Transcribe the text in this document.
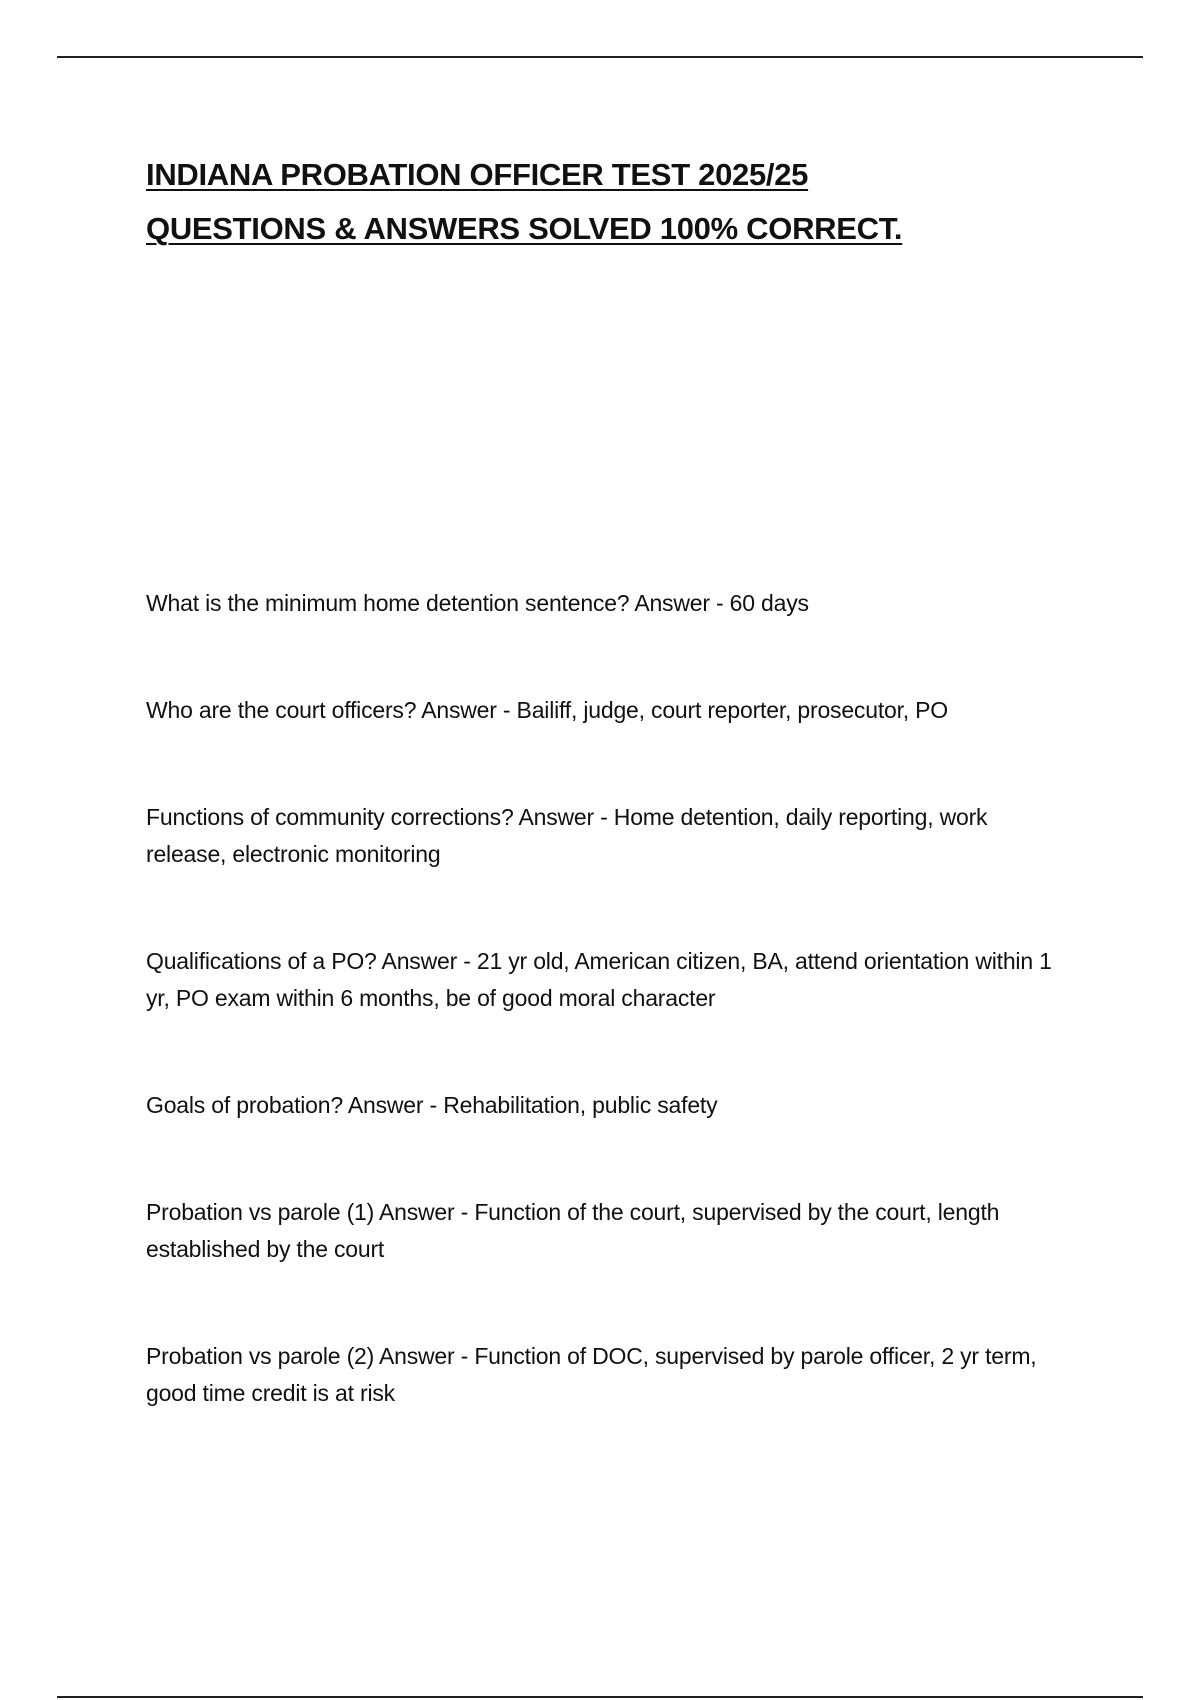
INDIANA PROBATION OFFICER TEST 2025/25
QUESTIONS & ANSWERS SOLVED 100% CORRECT.
What is the minimum home detention sentence? Answer - 60 days
Who are the court officers? Answer - Bailiff, judge, court reporter, prosecutor, PO
Functions of community corrections? Answer - Home detention, daily reporting, work release, electronic monitoring
Qualifications of a PO? Answer - 21 yr old, American citizen, BA, attend orientation within 1 yr, PO exam within 6 months, be of good moral character
Goals of probation? Answer - Rehabilitation, public safety
Probation vs parole (1) Answer - Function of the court, supervised by the court, length established by the court
Probation vs parole (2) Answer - Function of DOC, supervised by parole officer, 2 yr term, good time credit is at risk
